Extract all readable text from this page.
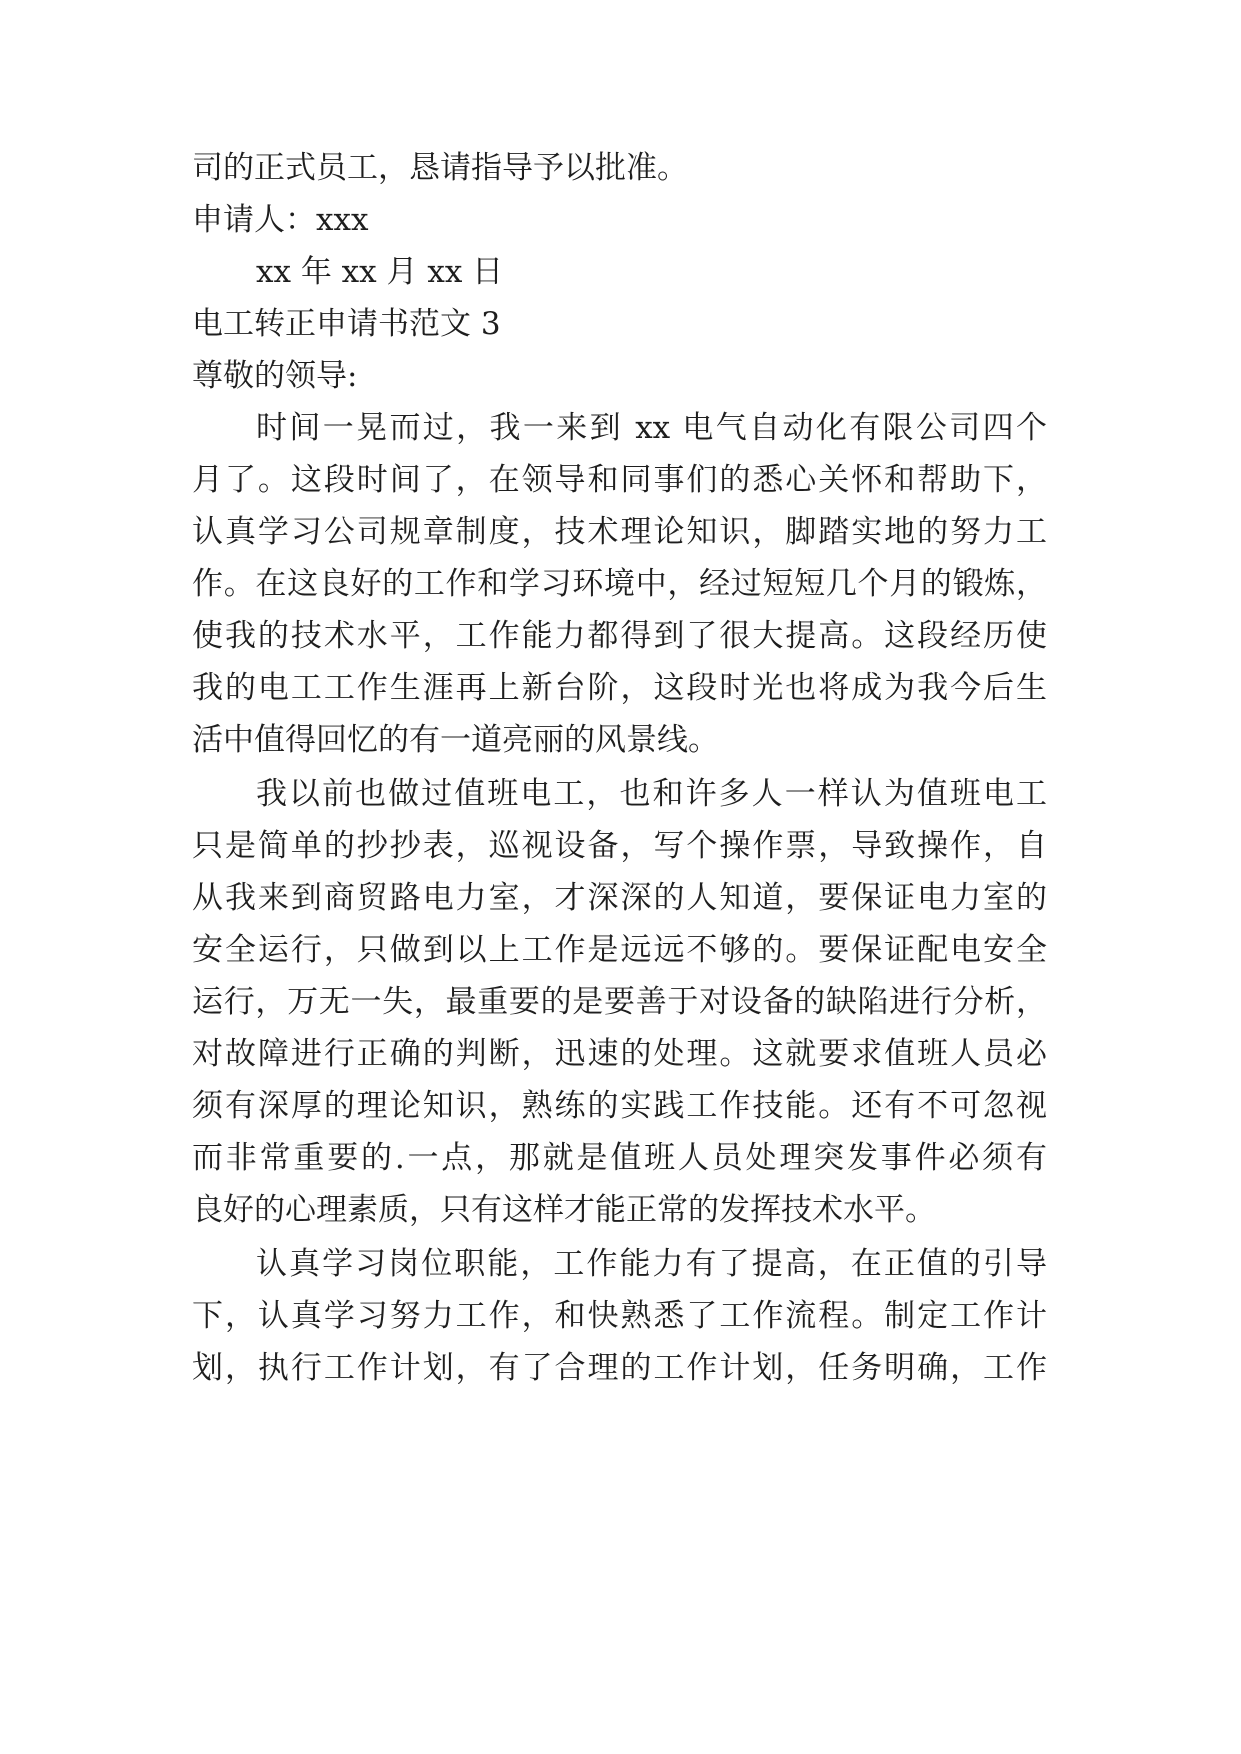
司的正式员工，恳请指导予以批准。

申请人：xxx

xx 年 xx 月 xx 日

电工转正申请书范文 3

尊敬的领导:

时间一晃而过，我一来到 xx 电气自动化有限公司四个

月了。这段时间了，在领导和同事们的悉心关怀和帮助下，

认真学习公司规章制度，技术理论知识，脚踏实地的努力工

作。在这良好的工作和学习环境中，经过短短几个月的锻炼，

使我的技术水平，工作能力都得到了很大提高。这段经历使

我的电工工作生涯再上新台阶，这段时光也将成为我今后生

活中值得回忆的有一道亮丽的风景线。

我以前也做过值班电工，也和许多人一样认为值班电工

只是简单的抄抄表，巡视设备，写个操作票，导致操作，自

从我来到商贸路电力室，才深深的人知道，要保证电力室的

安全运行，只做到以上工作是远远不够的。要保证配电安全

运行，万无一失，最重要的是要善于对设备的缺陷进行分析，

对故障进行正确的判断，迅速的处理。这就要求值班人员必

须有深厚的理论知识，熟练的实践工作技能。还有不可忽视

而非常重要的.一点，那就是值班人员处理突发事件必须有

良好的心理素质，只有这样才能正常的发挥技术水平。

认真学习岗位职能，工作能力有了提高，在正值的引导

下，认真学习努力工作，和快熟悉了工作流程。制定工作计

划，执行工作计划，有了合理的工作计划，任务明确，工作
